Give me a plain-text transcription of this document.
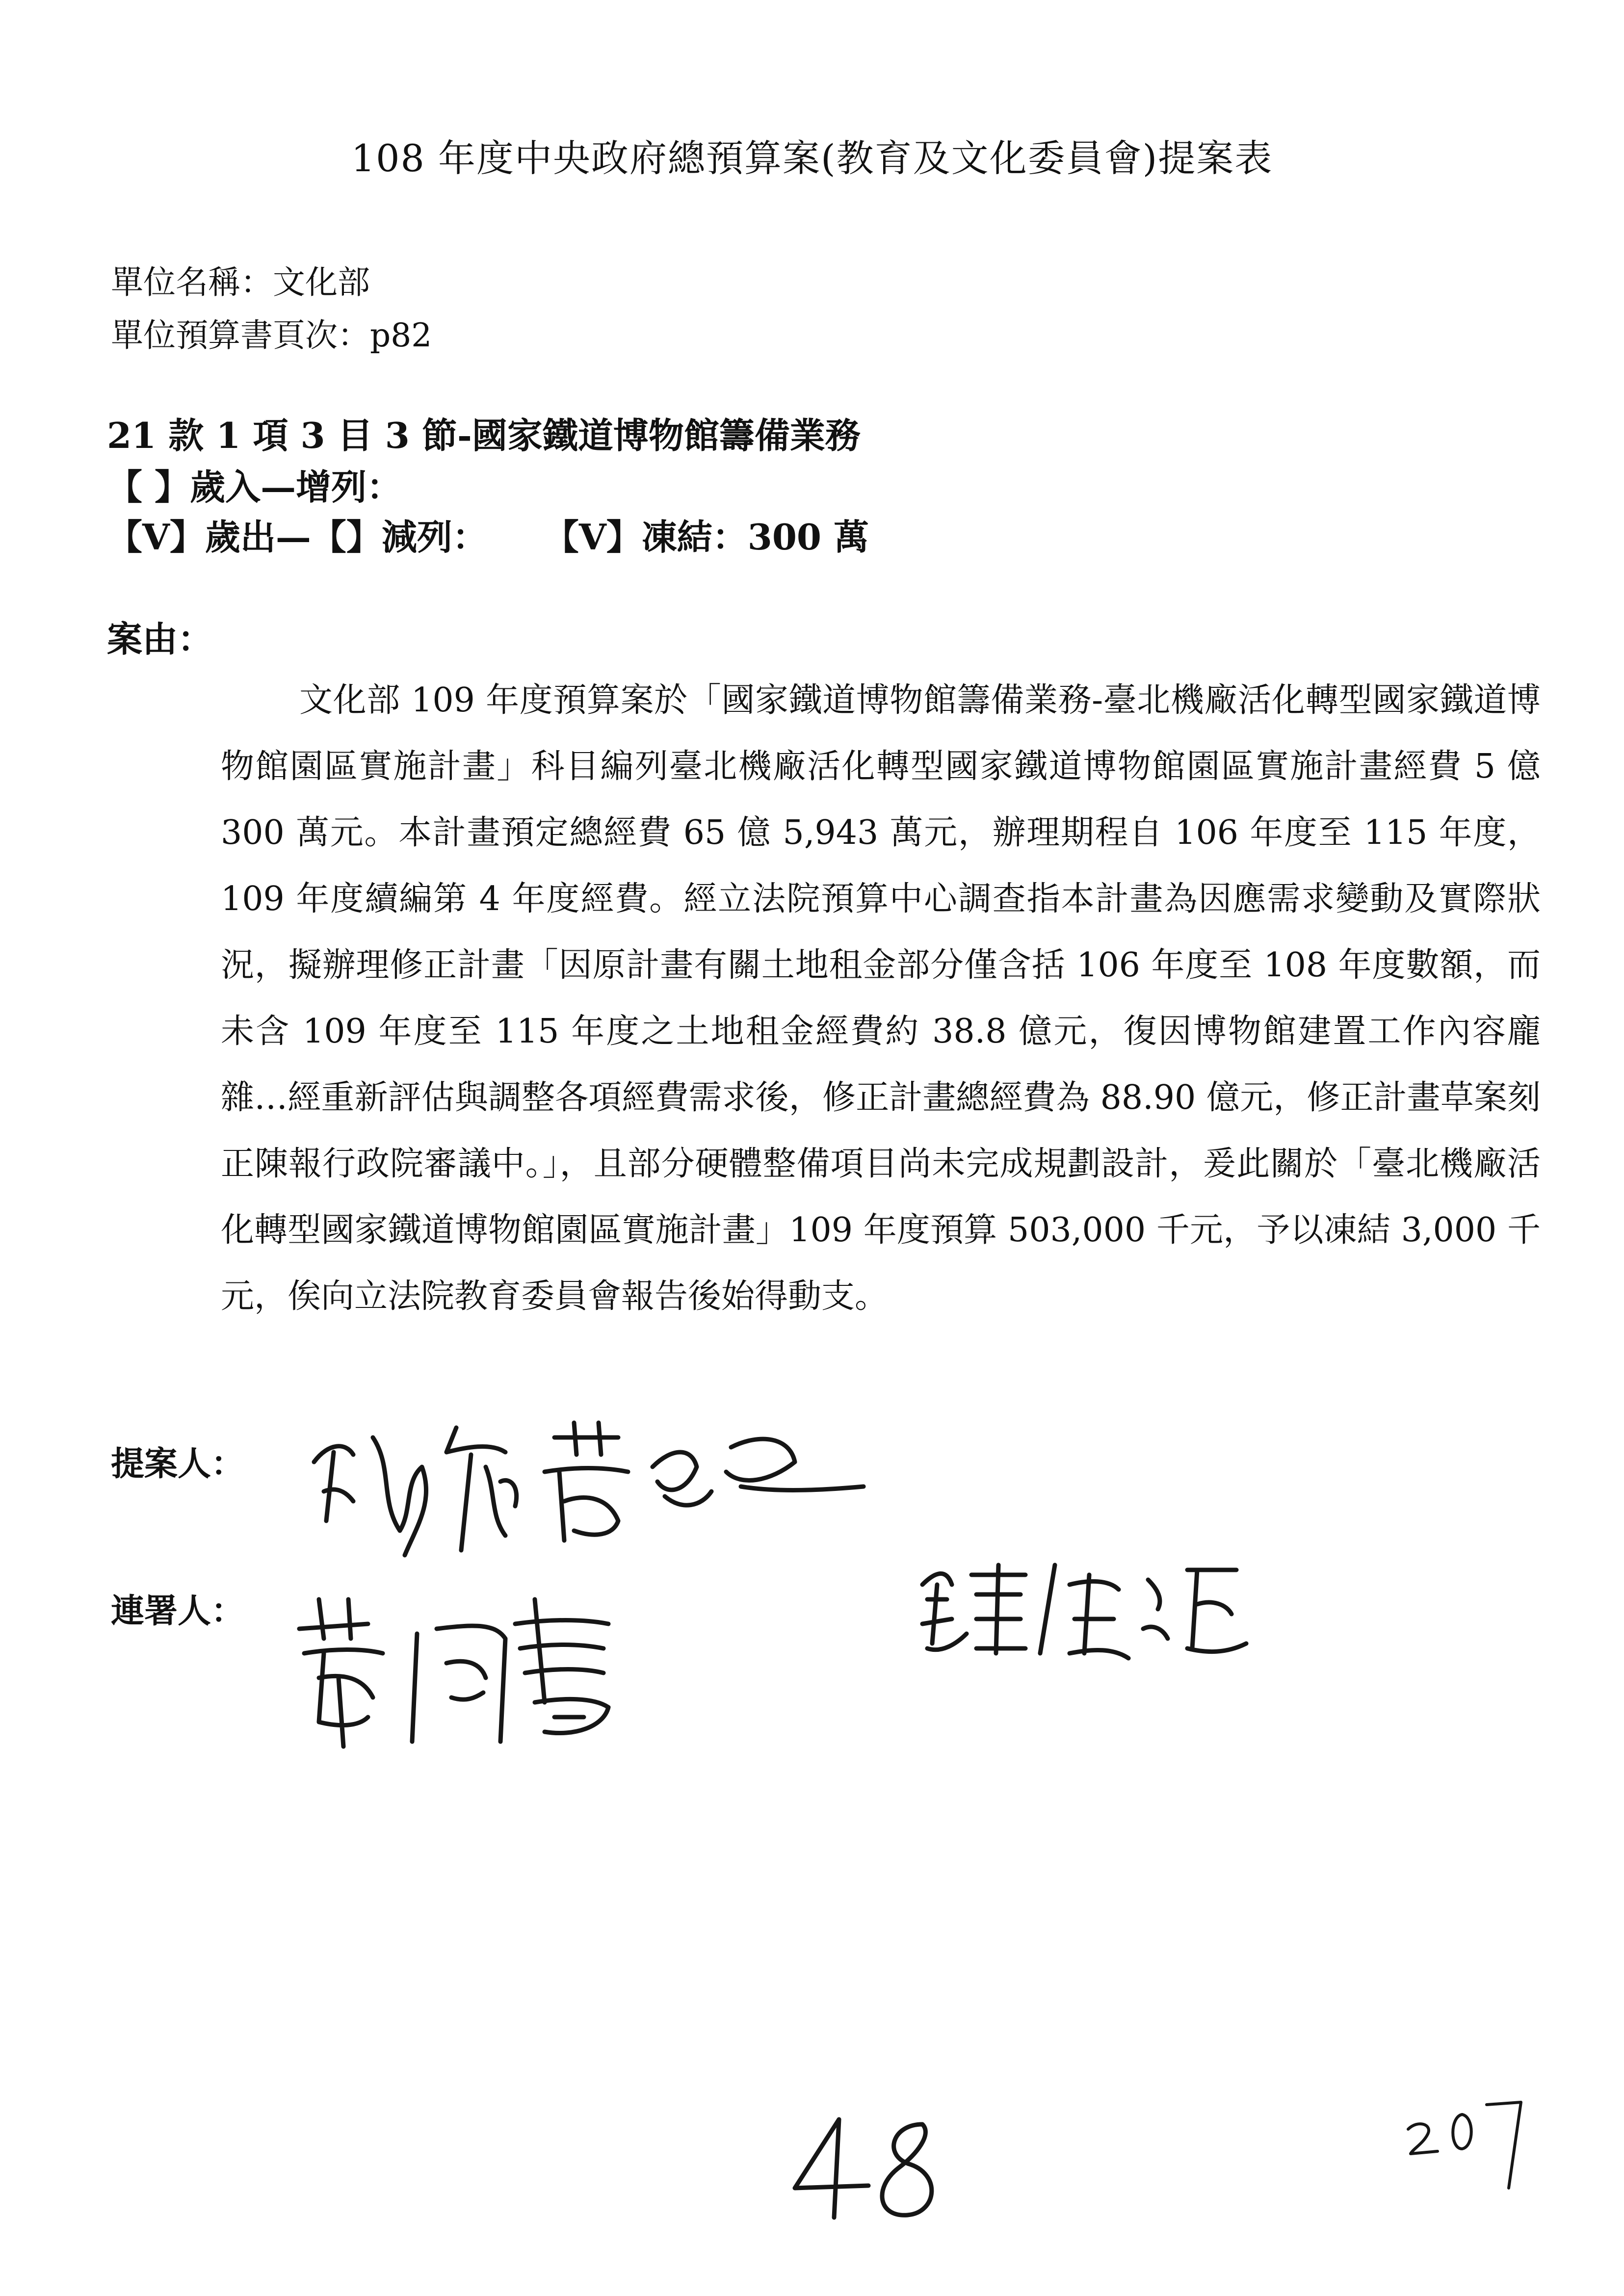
108 年度中央政府總預算案(教育及文化委員會)提案表
單位名稱：文化部
單位預算書頁次：p82
21 款 1 項 3 目 3 節-國家鐵道博物館籌備業務
【 】歲入—增列：
【V】歲出—【】減列： 【V】凍結：300 萬
案由：
文化部 109 年度預算案於「國家鐵道博物館籌備業務-臺北機廠活化轉型國家鐵道博物館園區實施計畫」科目編列臺北機廠活化轉型國家鐵道博物館園區實施計畫經費 5 億 300 萬元。本計畫預定總經費 65 億 5,943 萬元，辦理期程自 106 年度至 115 年度， 109 年度續編第 4 年度經費。經立法院預算中心調查指本計畫為因應需求變動及實際狀況，擬辦理修正計畫「因原計畫有關土地租金部分僅含括 106 年度至 108 年度數額，而未含 109 年度至 115 年度之土地租金經費約 38.8 億元，復因博物館建置工作內容龐雜…經重新評估與調整各項經費需求後，修正計畫總經費為 88.90 億元，修正計畫草案刻正陳報行政院審議中。」，且部分硬體整備項目尚未完成規劃設計，爰此關於「臺北機廠活化轉型國家鐵道博物館園區實施計畫」109 年度預算 503,000 千元，予以凍結 3,000 千元，俟向立法院教育委員會報告後始得動支。
提案人：
連署人：
